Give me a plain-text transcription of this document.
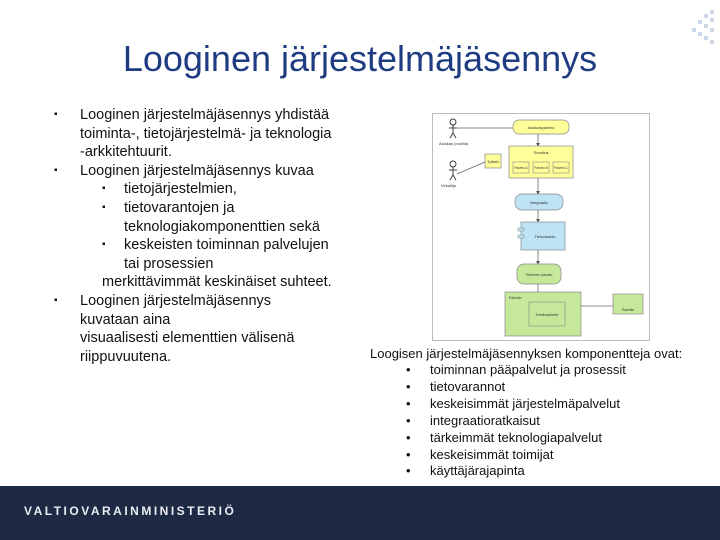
Looginen järjestelmäjäsennys
▪ Looginen järjestelmäjäsennys yhdistää
toiminta-, tietojärjestelmä- ja teknologia
-arkkitehtuurit.
▪ Looginen järjestelmäjäsennys kuvaa
▪ tietojärjestelmien,
▪ tietovarantojen ja
teknologiakomponenttien sekä
▪ keskeisten toiminnan palvelujen
tai prosessien
merkittävimmät keskinäiset suhteet.
▪ Looginen järjestelmäjäsennys
kuvataan aina
visuaalisesti elementtien välisenä
riippuvuutena.
Asiakas (roolilla)
Virkailija
Asiakaspalvelu
Sovellus
Palvelu A Palvelu B Palvelu C
Työkalu
Integraatio
Tietovaranto
Tekninen palvelu
Palvelin
Sovelluspalvelin
Palvelin
Loogisen järjestelmäjäsennyksen komponentteja ovat:
• toiminnan pääpalvelut ja prosessit
• tietovarannot
• keskeisimmät järjestelmäpalvelut
• integraatioratkaisut
• tärkeimmät teknologiapalvelut
• keskeisimmät toimijat
• käyttäjärajapinta
VALTIOVARAINMINISTERIÖ
